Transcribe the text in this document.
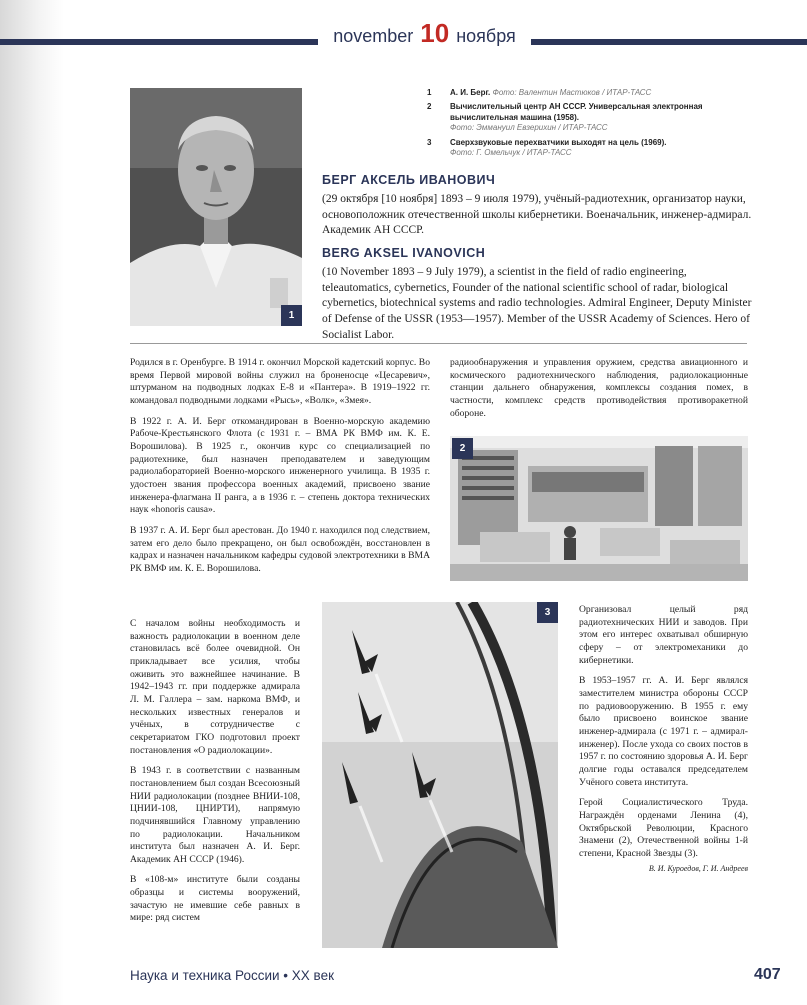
november 10 ноября
1
1	А. И. Берг. Фото: Валентин Мастюков / ИТАР-ТАСС
2	Вычислительный центр АН СССР. Универсальная электронная вычислительная машина (1958).
Фото: Эммануил Евзерихин / ИТАР-ТАСС
3	Сверхзвуковые перехватчики выходят на цель (1969).
Фото: Г. Омельчук / ИТАР-ТАСС
БЕРГ АКСЕЛЬ ИВАНОВИЧ

(29 октября [10 ноября] 1893 – 9 июля 1979), учёный-радиотехник, организатор науки, основоположник отечественной школы кибернетики. Военачальник, инженер-адмирал. Академик АН СССР.

BERG AKSEL IVANOVICH

(10 November 1893 – 9 July 1979), a scientist in the field of radio engineering, teleautomatics, cybernetics, Founder of the national scientific school of radar, biological cybernetics, biotechnical systems and radio technologies. Admiral Engineer, Deputy Minister of Defense of the USSR (1953—1957). Member of the USSR Academy of Sciences. Hero of Socialist Labor.

Родился в г. Оренбурге. В 1914 г. окончил Морской кадетский корпус. Во время Первой мировой войны служил на броненосце «Цесаревич», штурманом на подводных лодках Е-8 и «Пантера». В 1919–1922 гг. командовал подводными лодками «Рысь», «Волк», «Змея».

В 1922 г. А. И. Берг откомандирован в Военно-морскую академию Рабоче-Крестьянского Флота (с 1931 г. – ВМА РК ВМФ им. К. Е. Ворошилова). В 1925 г., окончив курс со специализацией по радиотехнике, был назначен преподавателем и заведующим радиолабораторией Военно-морского инженерного училища. В 1935 г. удостоен звания профессора военных академий, присвоено звание инженера-флагмана II ранга, а в 1936 г. – степень доктора технических наук «honoris causa».

В 1937 г. А. И. Берг был арестован. До 1940 г. находился под следствием, затем его дело было прекращено, он был освобождён, восстановлен в кадрах и назначен начальником кафедры судовой электротехники в ВМА РК ВМФ им. К. Е. Ворошилова.

С началом войны необходимость и важность радиолокации в военном деле становилась всё более очевидной. Он прикладывает все усилия, чтобы оживить это важнейшее начинание. В 1942–1943 гг. при поддержке адмирала Л. М. Галлера – зам. наркома ВМФ, и нескольких известных генералов и учёных, в сотрудничестве с секретариатом ГКО подготовил проект постановления «О радиолокации».

В 1943 г. в соответствии с названным постановлением был создан Всесоюзный НИИ радиолокации (позднее ВНИИ-108, ЦНИИ-108, ЦНИРТИ), напрямую подчинявшийся Главному управлению по радиолокации. Начальником института был назначен А. И. Берг. Академик АН СССР (1946).

В «108-м» институте были созданы образцы и системы вооружений, зачастую не имевшие себе равных в мире: ряд систем

радиообнаружения и управления оружием, средства авиационного и космического радиотехнического наблюдения, радиолокационные станции дальнего обнаружения, комплексы создания помех, в частности, комплекс средств противодействия противоракетной обороне.

2
3	Организовал целый ряд радиотехнических НИИ и заводов. При этом его интерес охватывал обширную сферу – от электромеханики до кибернетики.

В 1953–1957 гг. А. И. Берг являлся заместителем министра обороны СССР по радиовооружению. В 1955 г. ему было присвоено воинское звание инженер-адмирала (с 1971 г. – адмирал-инженер). После ухода со своих постов в 1957 г. по состоянию здоровья А. И. Берг долгие годы оставался председателем Учёного совета института.

Герой Социалистического Труда. Награждён орденами Ленина (4), Октябрьской Революции, Красного Знамени (2), Отечественной войны 1-й степени, Красной Звезды (3).

В. И. Куроедов, Г. И. Андреев

Наука и техника России • XX век	407
